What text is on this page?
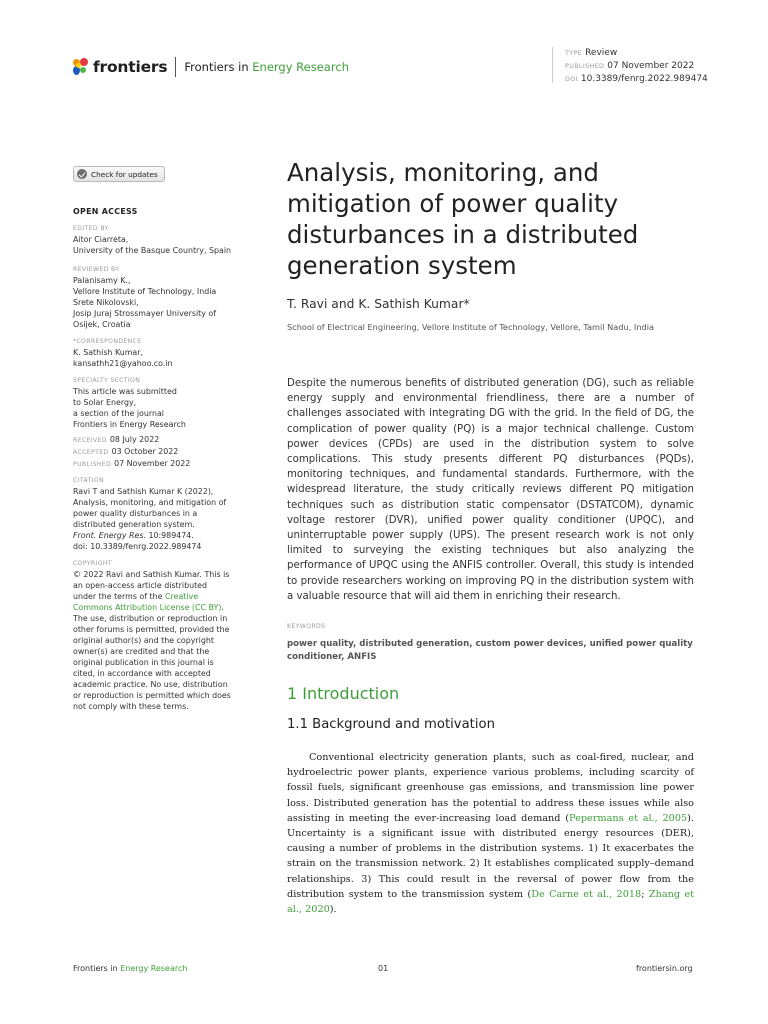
frontiers Frontiers in Energy Research
TYPE Review
PUBLISHED 07 November 2022
DOI 10.3389/fenrg.2022.989474
Check for updates
OPEN ACCESS
EDITED BY

Aitor Ciarreta,

University of the Basque Country, Spain

REVIEWED BY

Palanisamy K.,

Vellore Institute of Technology, India

Srete Nikolovski,

Josip Juraj Strossmayer University of

Osijek, Croatia

*CORRESPONDENCE

K. Sathish Kumar,

kansathh21@yahoo.co.in

SPECIALTY SECTION

This article was submitted

to Solar Energy,

a section of the journal

Frontiers in Energy Research

RECEIVED 08 July 2022

ACCEPTED 03 October 2022

PUBLISHED 07 November 2022

CITATION

Ravi T and Sathish Kumar K (2022),

Analysis, monitoring, and mitigation of

power quality disturbances in a

distributed generation system.

Front. Energy Res. 10:989474.

doi: 10.3389/fenrg.2022.989474

COPYRIGHT

© 2022 Ravi and Sathish Kumar. This is

an open-access article distributed

under the terms of the Creative

Commons Attribution License (CC BY).

The use, distribution or reproduction in

other forums is permitted, provided the

original author(s) and the copyright

owner(s) are credited and that the

original publication in this journal is

cited, in accordance with accepted

academic practice. No use, distribution

or reproduction is permitted which does

not comply with these terms.

Analysis, monitoring, and
mitigation of power quality
disturbances in a distributed
generation system
T. Ravi and K. Sathish Kumar*
School of Electrical Engineering, Vellore Institute of Technology, Vellore, Tamil Nadu, India
Despite the numerous benefits of distributed generation (DG), such as reliable energy supply and environmental friendliness, there are a number of challenges associated with integrating DG with the grid. In the field of DG, the complication of power quality (PQ) is a major technical challenge. Custom power devices (CPDs) are used in the distribution system to solve complications. This study presents different PQ disturbances (PQDs), monitoring techniques, and fundamental standards. Furthermore, with the widespread literature, the study critically reviews different PQ mitigation techniques such as distribution static compensator (DSTATCOM), dynamic voltage restorer (DVR), unified power quality conditioner (UPQC), and uninterruptable power supply (UPS). The present research work is not only limited to surveying the existing techniques but also analyzing the performance of UPQC using the ANFIS controller. Overall, this study is intended to provide researchers working on improving PQ in the distribution system with a valuable resource that will aid them in enriching their research.
KEYWORDS
power quality, distributed generation, custom power devices, unified power quality conditioner, ANFIS
1 Introduction
1.1 Background and motivation

Conventional electricity generation plants, such as coal-fired, nuclear, and hydroelectric power plants, experience various problems, including scarcity of fossil fuels, significant greenhouse gas emissions, and transmission line power loss. Distributed generation has the potential to address these issues while also assisting in meeting the ever-increasing load demand (Pepermans et al., 2005). Uncertainty is a significant issue with distributed energy resources (DER), causing a number of problems in the distribution systems. 1) It exacerbates the strain on the transmission network. 2) It establishes complicated supply–demand relationships. 3) This could result in the reversal of power flow from the distribution system to the transmission system (De Carne et al., 2018; Zhang et al., 2020).

Frontiers in Energy Research	01	frontiersin.org
